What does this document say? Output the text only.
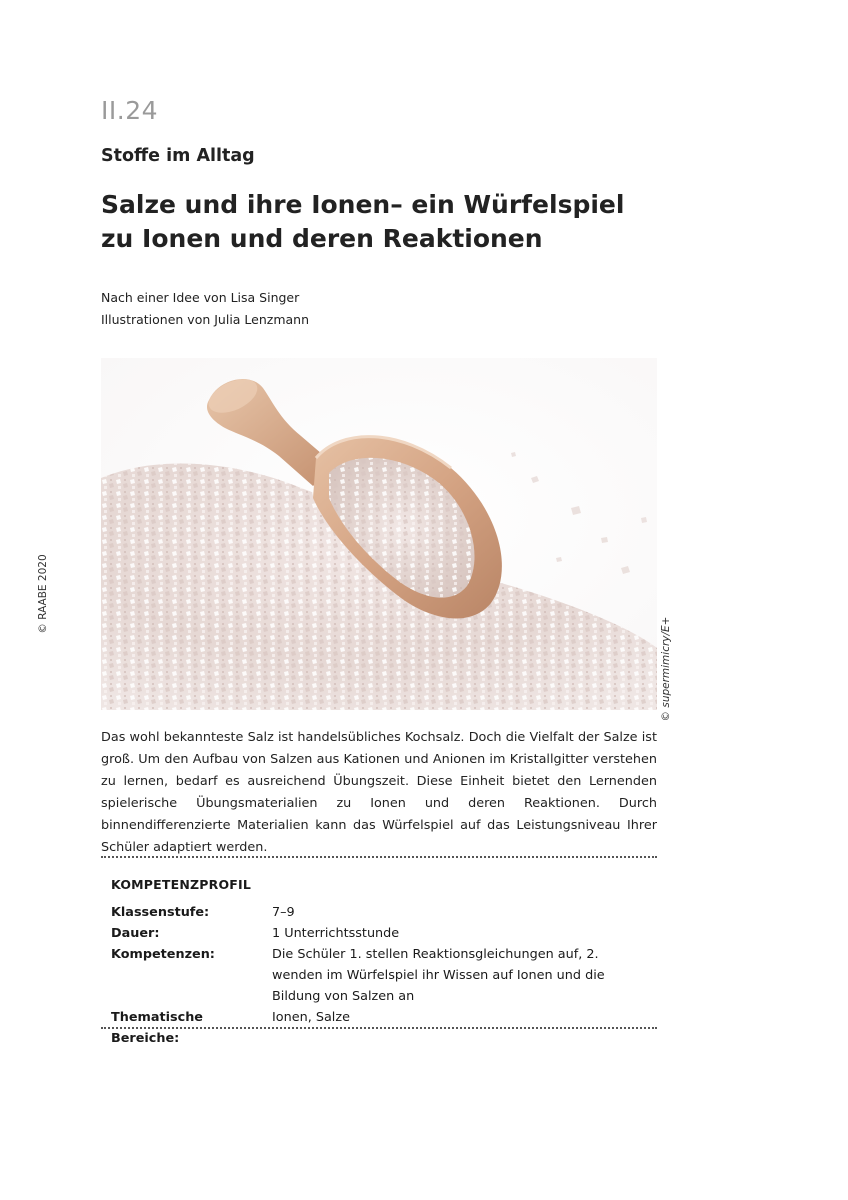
II.24
Stoffe im Alltag
Salze und ihre Ionen– ein Würfelspiel
zu Ionen und deren Reaktionen
Nach einer Idee von Lisa Singer
Illustrationen von Julia Lenzmann
© RAABE 2020
© supermimicry/E+

Das wohl bekannteste Salz ist handelsübliches Kochsalz. Doch die Vielfalt der Salze ist groß. Um den Aufbau von Salzen aus Kationen und Anionen im Kristallgitter verstehen zu lernen, bedarf es ausreichend Übungszeit. Diese Einheit bietet den Lernenden spielerische Übungsmaterialien zu Ionen und deren Reaktionen. Durch binnendifferenzierte Materialien kann das Würfelspiel auf das Leistungsniveau Ihrer Schüler adaptiert werden.

KOMPETENZPROFIL
Klassenstufe:	7–9
Dauer:	1 Unterrichtsstunde
Kompetenzen:	Die Schüler 1. stellen Reaktionsgleichungen auf, 2. wenden im Würfelspiel ihr Wissen auf Ionen und die Bildung von Salzen an
Thematische Bereiche:
Ionen, Salze
